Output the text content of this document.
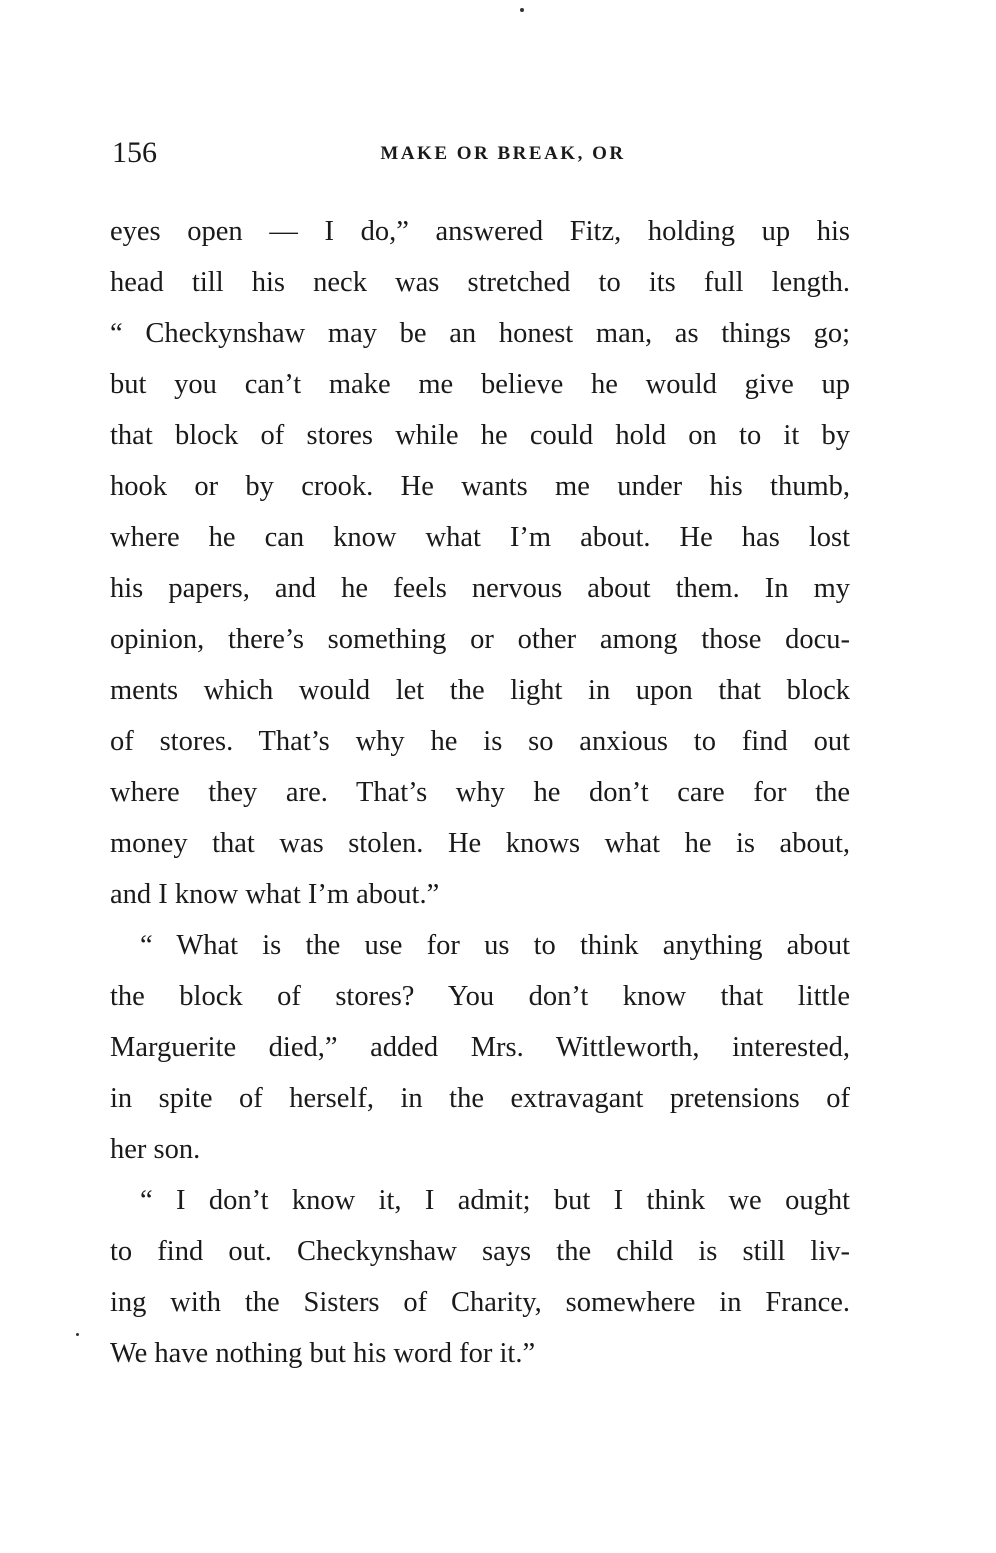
156	MAKE OR BREAK, OR
eyes open — I do,” answered Fitz, holding up his
head till his neck was stretched to its full length.
“ Checkynshaw may be an honest man, as things go;
but you can’t make me believe he would give up
that block of stores while he could hold on to it by
hook or by crook. He wants me under his thumb,
where he can know what I’m about. He has lost
his papers, and he feels nervous about them. In my
opinion, there’s something or other among those docu-
ments which would let the light in upon that block
of stores. That’s why he is so anxious to find out
where they are. That’s why he don’t care for the
money that was stolen. He knows what he is about,
and I know what I’m about.”
“ What is the use for us to think anything about
the block of stores? You don’t know that little
Marguerite died,” added Mrs. Wittleworth, interested,
in spite of herself, in the extravagant pretensions of
her son.
“ I don’t know it, I admit; but I think we ought
to find out. Checkynshaw says the child is still liv-
ing with the Sisters of Charity, somewhere in France.
We have nothing but his word for it.”
